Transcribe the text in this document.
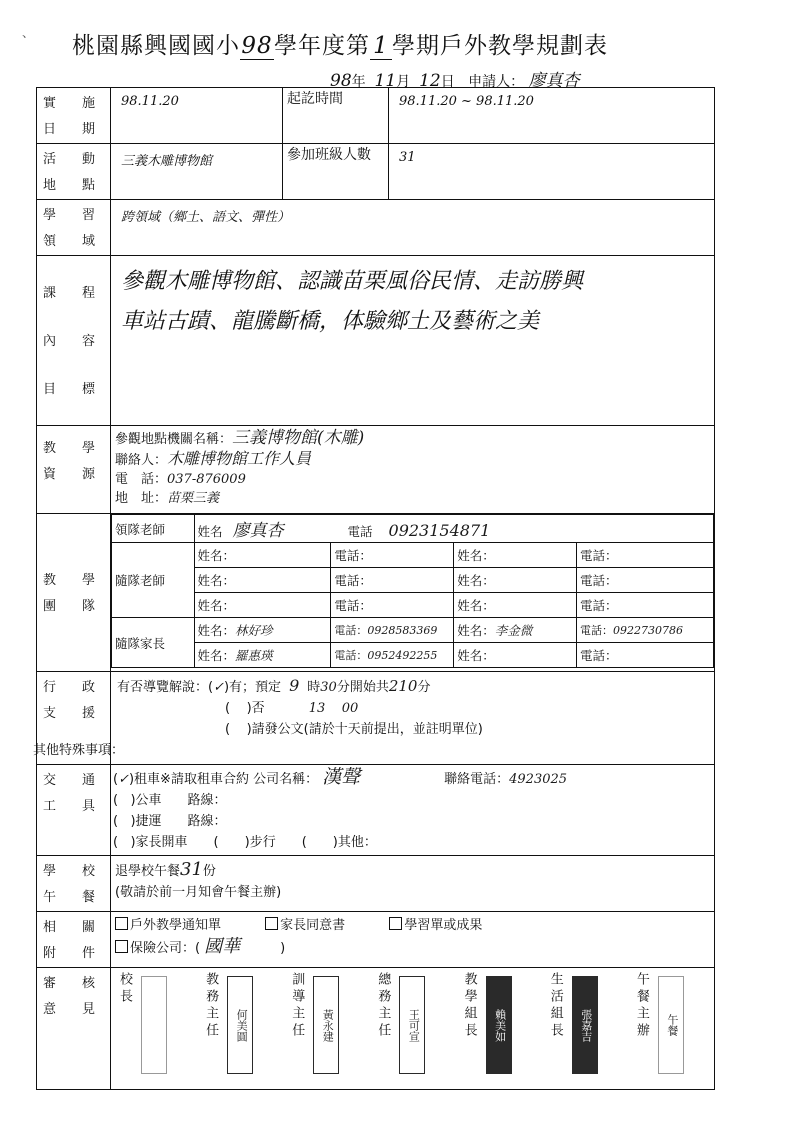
、 桃園縣興國國小98學年度第 1 學期戶外教學規劃表
98年 11月 12日 申請人： 廖真杏
實 施
日 期
	98.11.20	起訖時間	98.11.20 ~ 98.11.20

活 動
地 點
	三義木雕博物館	參加班級人數	31

學 習
領 域
	跨領域（鄉土、語文、彈性）

課 程
內 容
目 標

參觀木雕博物館、認識苗栗風俗民情、走訪勝興
車站古蹟、龍騰斷橋，体驗鄉土及藝術之美

教 學
資 源

參觀地點機關名稱：三義博物館(木雕)
聯絡人：木雕博物館工作人員
電　話：037-876009
地　址：苗栗三義

教 學
團 隊

領隊老師	姓名 廖真杏	電話 0923154871
隨隊老師	姓名：	電話：	姓名：	電話：
姓名：	電話：	姓名：	電話：
姓名：	電話：	姓名：	電話：
隨隊家長	姓名：林好珍	電話：0928583369	姓名：李金微	電話：0922730786
姓名：羅惠瑛	電話：0952492255	姓名：	電話：

行 政
支 援

有否導覽解說：(✓)有；預定 9 時30分開始共210分
( )否	13 00
( )請發公文(請於十天前提出，並註明單位)
其他特殊事項：

交 通
工 具

(✓)租車※請取租車合約 公司名稱： 漢聲	聯絡電話：4923025
( )公車　　路線：
( )捷運　　路線：
( )家長開車　　(　　)步行　　(　　)其他：

學 校
午 餐

退學校午餐31份
(敬請於前一月知會午餐主辦)

相 關
附 件

戶外教學通知單	家長同意書	學習單或成果
保險公司：( 國華	)

審 核
意 見

校長	教務主任	何美圓	訓導主任	黃永建	總務主任	王可宣	教學組長	賴美如	生活組長	張嘉吉	午餐主辦	午餐
